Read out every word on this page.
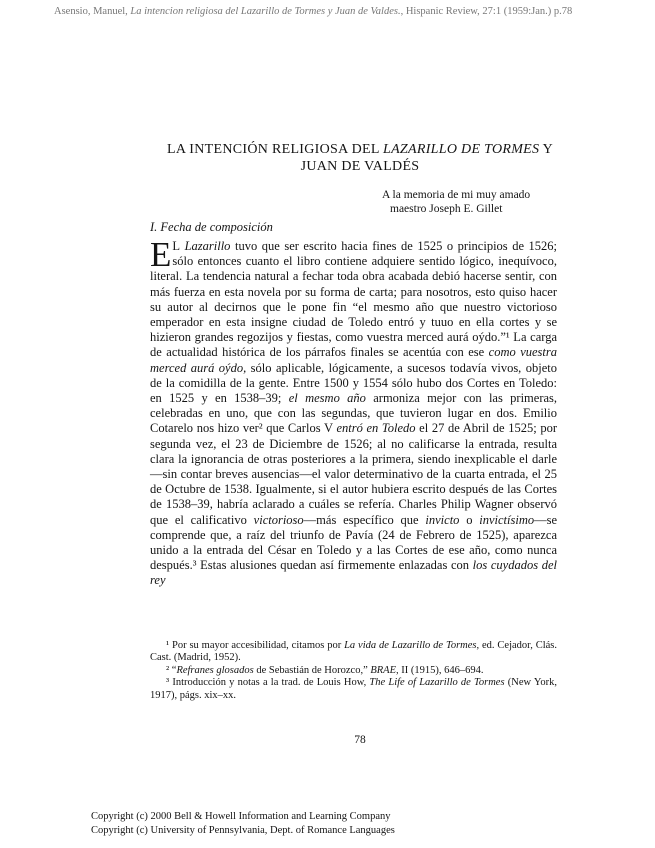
Asensio, Manuel, La intencion religiosa del Lazarillo de Tormes y Juan de Valdes., Hispanic Review, 27:1 (1959:Jan.) p.78
LA INTENCIÓN RELIGIOSA DEL LAZARILLO DE TORMES Y JUAN DE VALDÉS
A la memoria de mi muy amado
maestro Joseph E. Gillet
I. Fecha de composición

E L Lazarillo tuvo que ser escrito hacia fines de 1525 o principios de 1526; sólo entonces cuanto el libro contiene adquiere sentido lógico, inequívoco, literal. La tendencia natural a fechar toda obra acabada debió hacerse sentir, con más fuerza en esta novela por su forma de carta; para nosotros, esto quiso hacer su autor al decirnos que le pone fin “el mesmo año que nuestro victorioso emperador en esta insigne ciudad de Toledo entró y tuuo en ella cortes y se hizieron grandes regozijos y fiestas, como vuestra merced aurá oýdo.”¹ La carga de actualidad histórica de los párrafos finales se acentúa con ese como vuestra merced aurá oýdo, sólo aplicable, lógicamente, a sucesos todavía vivos, objeto de la comidilla de la gente. Entre 1500 y 1554 sólo hubo dos Cortes en Toledo: en 1525 y en 1538–39; el mesmo año armoniza mejor con las primeras, celebradas en uno, que con las segundas, que tuvieron lugar en dos. Emilio Cotarelo nos hizo ver² que Carlos V entró en Toledo el 27 de Abril de 1525; por segunda vez, el 23 de Diciembre de 1526; al no calificarse la entrada, resulta clara la ignorancia de otras posteriores a la primera, siendo inexplicable el darle—sin contar breves ausencias—el valor determinativo de la cuarta entrada, el 25 de Octubre de 1538. Igualmente, si el autor hubiera escrito después de las Cortes de 1538–39, habría aclarado a cuáles se refería. Charles Philip Wagner observó que el calificativo victorioso—más específico que invicto o invictísimo—se comprende que, a raíz del triunfo de Pavía (24 de Febrero de 1525), aparezca unido a la entrada del César en Toledo y a las Cortes de ese año, como nunca después.³ Estas alusiones quedan así firmemente enlazadas con los cuydados del rey

¹ Por su mayor accesibilidad, citamos por La vida de Lazarillo de Tormes, ed. Cejador, Clás. Cast. (Madrid, 1952).

² “Refranes glosados de Sebastián de Horozco,” BRAE, II (1915), 646–694.

³ Introducción y notas a la trad. de Louis How, The Life of Lazarillo de Tormes (New York, 1917), págs. xix–xx.

78
Copyright (c) 2000 Bell & Howell Information and Learning Company
Copyright (c) University of Pennsylvania, Dept. of Romance Languages
